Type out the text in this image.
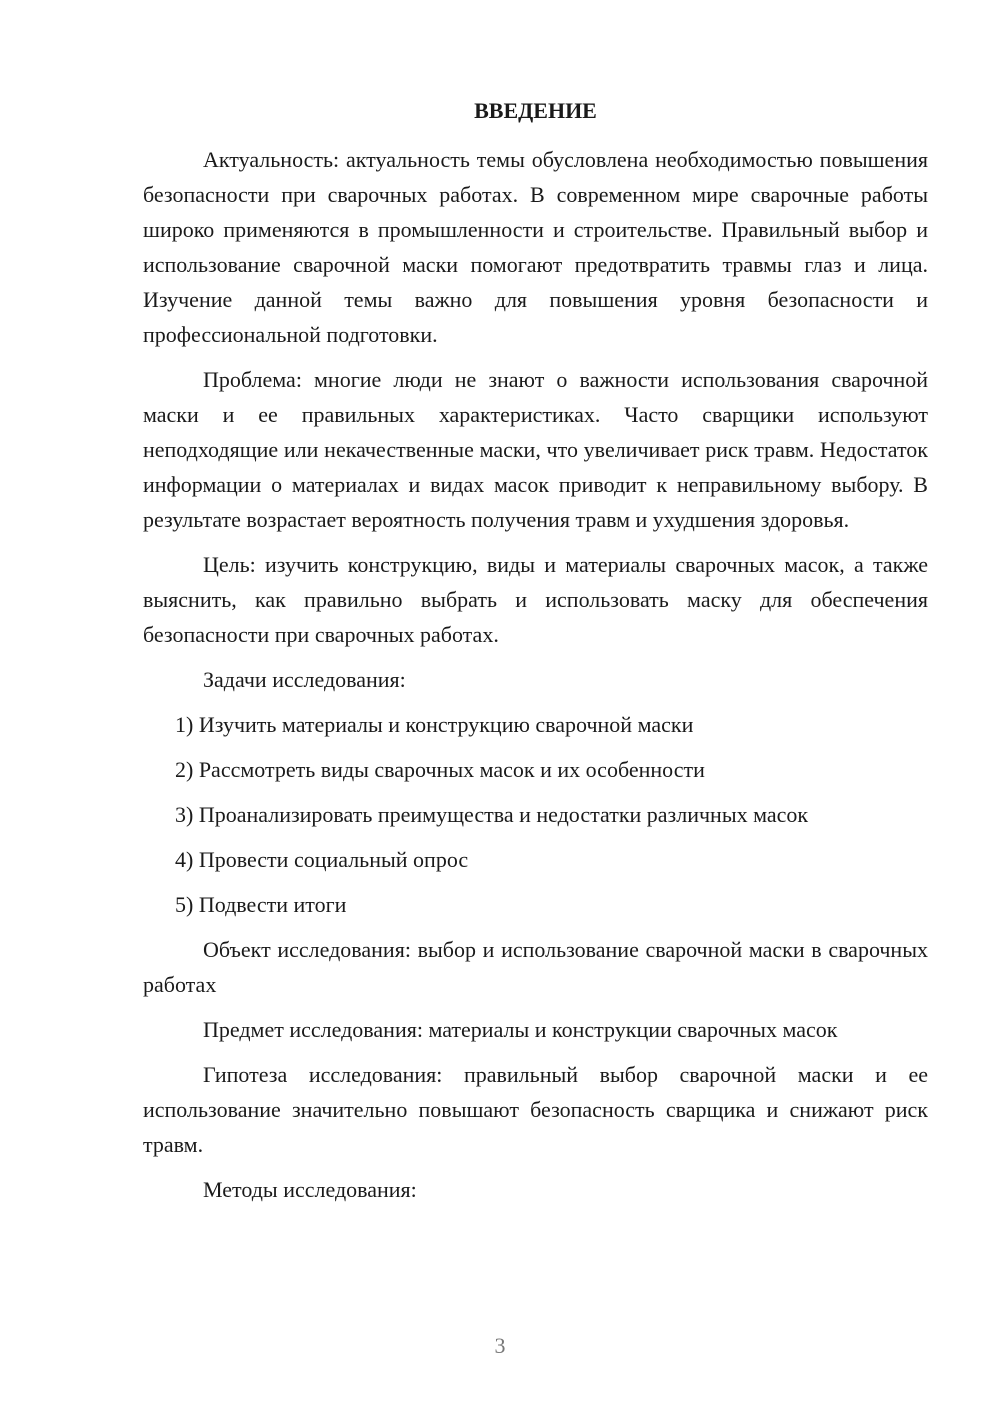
ВВЕДЕНИЕ

Актуальность: актуальность темы обусловлена необходимостью повышения безопасности при сварочных работах. В современном мире сварочные работы широко применяются в промышленности и строительстве. Правильный выбор и использование сварочной маски помогают предотвратить травмы глаз и лица. Изучение данной темы важно для повышения уровня безопасности и профессиональной подготовки.

Проблема: многие люди не знают о важности использования сварочной маски и ее правильных характеристиках. Часто сварщики используют неподходящие или некачественные маски, что увеличивает риск травм. Недостаток информации о материалах и видах масок приводит к неправильному выбору. В результате возрастает вероятность получения травм и ухудшения здоровья.

Цель: изучить конструкцию, виды и материалы сварочных масок, а также выяснить, как правильно выбрать и использовать маску для обеспечения безопасности при сварочных работах.

Задачи исследования:

1) Изучить материалы и конструкцию сварочной маски
2) Рассмотреть виды сварочных масок и их особенности
3) Проанализировать преимущества и недостатки различных масок
4) Провести социальный опрос
5) Подвести итоги

Объект исследования: выбор и использование сварочной маски в сварочных работах

Предмет исследования: материалы и конструкции сварочных масок

Гипотеза исследования: правильный выбор сварочной маски и ее использование значительно повышают безопасность сварщика и снижают риск травм.

Методы исследования:

3
